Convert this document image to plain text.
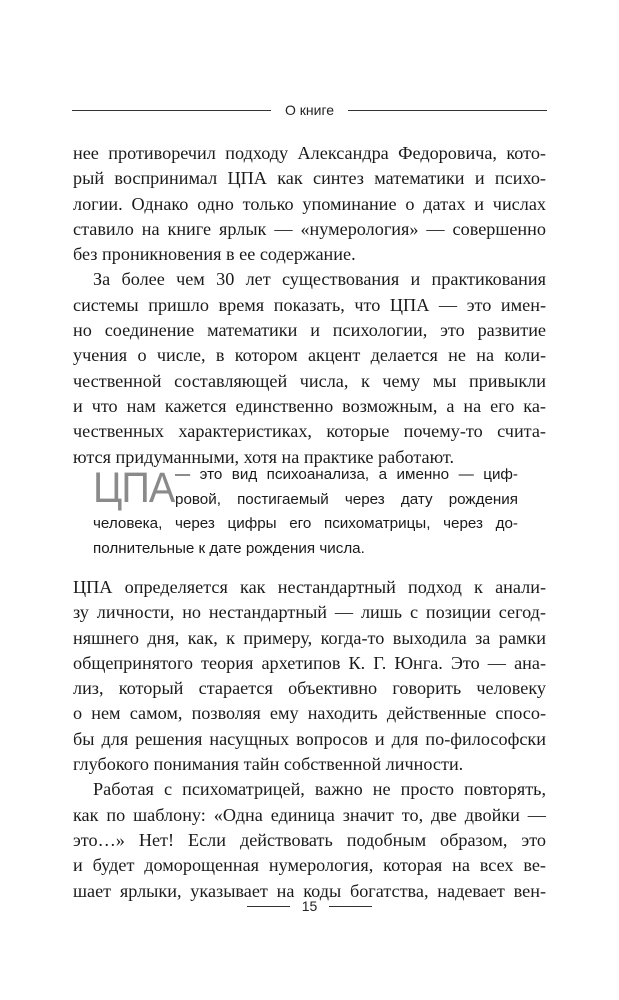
О книге
нее противоречил подходу Александра Федоровича, кото-
рый воспринимал ЦПА как синтез математики и психо-
логии. Однако одно только упоминание о датах и числах
ставило на книге ярлык — «нумерология» — совершенно
без проникновения в ее содержание.
За более чем 30 лет существования и практикования
системы пришло время показать, что ЦПА — это имен-
но соединение математики и психологии, это развитие
учения о числе, в котором акцент делается не на коли-
чественной составляющей числа, к чему мы привыкли
и что нам кажется единственно возможным, а на его ка-
чественных характеристиках, которые почему-то счита-
ются придуманными, хотя на практике работают.
ЦПА — это вид психоанализа, а именно — циф-
ровой, постигаемый через дату рождения
человека, через цифры его психоматрицы, через до-
полнительные к дате рождения числа.
ЦПА определяется как нестандартный подход к анали-
зу личности, но нестандартный — лишь с позиции сегод-
няшнего дня, как, к примеру, когда-то выходила за рамки
общепринятого теория архетипов К. Г. Юнга. Это — ана-
лиз, который старается объективно говорить человеку
о нем самом, позволяя ему находить действенные спосо-
бы для решения насущных вопросов и для по-философски
глубокого понимания тайн собственной личности.
Работая с психоматрицей, важно не просто повторять,
как по шаблону: «Одна единица значит то, две двойки —
это…» Нет! Если действовать подобным образом, это
и будет доморощенная нумерология, которая на всех ве-
шает ярлыки, указывает на коды богатства, надевает вен-
15
